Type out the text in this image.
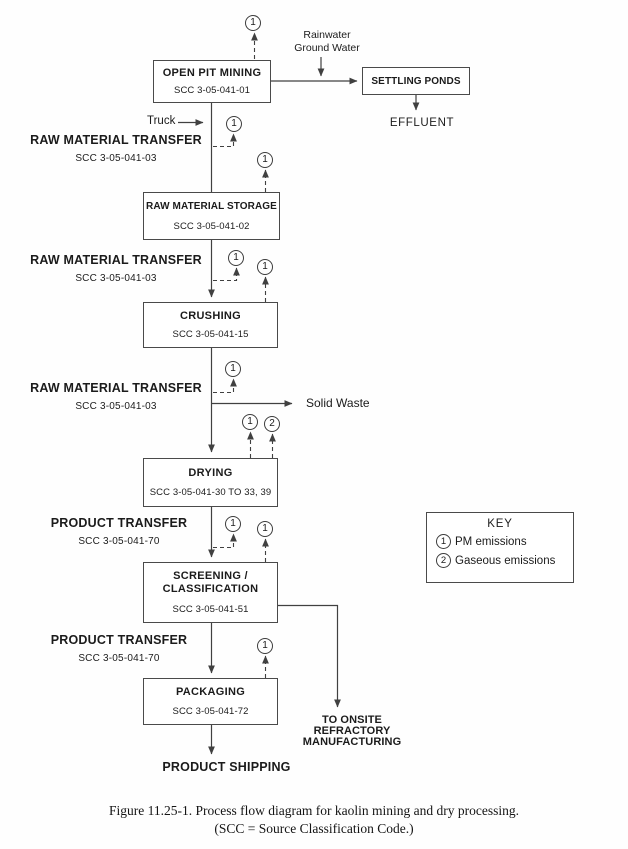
OPEN PIT MINING
SCC 3-05-041-01
SETTLING PONDS
RAW MATERIAL STORAGE
SCC 3-05-041-02
CRUSHING
SCC 3-05-041-15
DRYING
SCC 3-05-041-30 TO 33, 39
SCREENING /
CLASSIFICATION
SCC 3-05-041-51
PACKAGING
SCC 3-05-041-72
RAW MATERIAL TRANSFER
SCC 3-05-041-03
RAW MATERIAL TRANSFER
SCC 3-05-041-03
RAW MATERIAL TRANSFER
SCC 3-05-041-03
PRODUCT TRANSFER
SCC 3-05-041-70
PRODUCT TRANSFER
SCC 3-05-041-70
Rainwater
Ground Water
Truck	EFFLUENT
Solid Waste
PRODUCT SHIPPING
TO ONSITE
REFRACTORY
MANUFACTURING
1
1
1
1
1
1
1	2
1	1
1
KEY
1 PM emissions
2 Gaseous emissions
Figure 11.25-1. Process flow diagram for kaolin mining and dry processing.
(SCC = Source Classification Code.)
